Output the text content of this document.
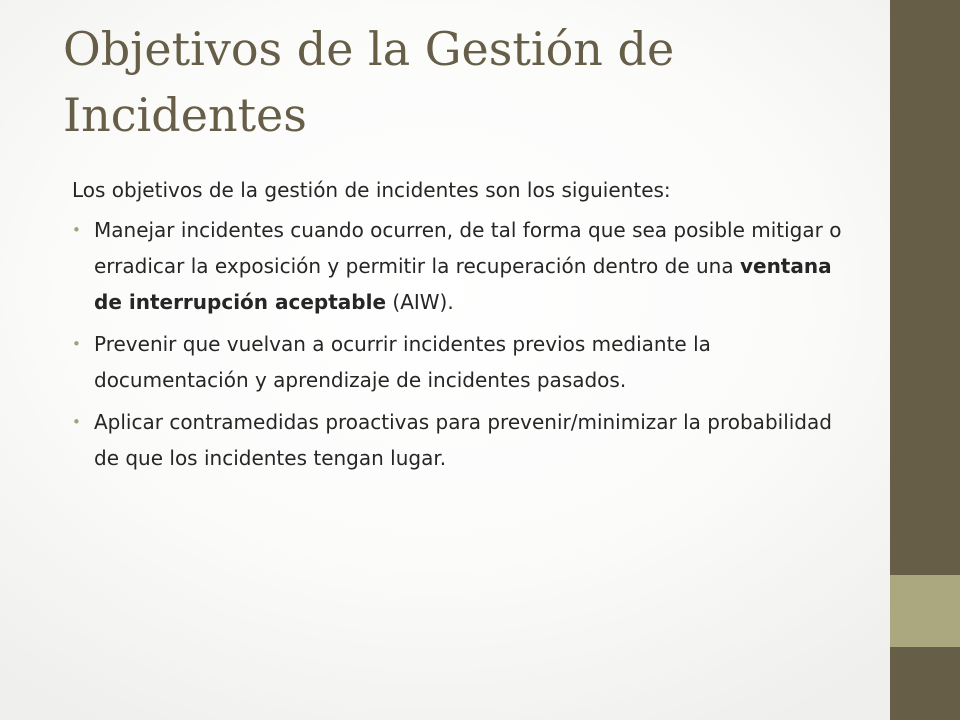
Objetivos de la Gestión de Incidentes

Los objetivos de la gestión de incidentes son los siguientes:

• Manejar incidentes cuando ocurren, de tal forma que sea posible mitigar o erradicar la exposición y permitir la recuperación dentro de una ventana de interrupción aceptable (AIW).
• Prevenir que vuelvan a ocurrir incidentes previos mediante la documentación y aprendizaje de incidentes pasados.
• Aplicar contramedidas proactivas para prevenir/minimizar la probabilidad de que los incidentes tengan lugar.
